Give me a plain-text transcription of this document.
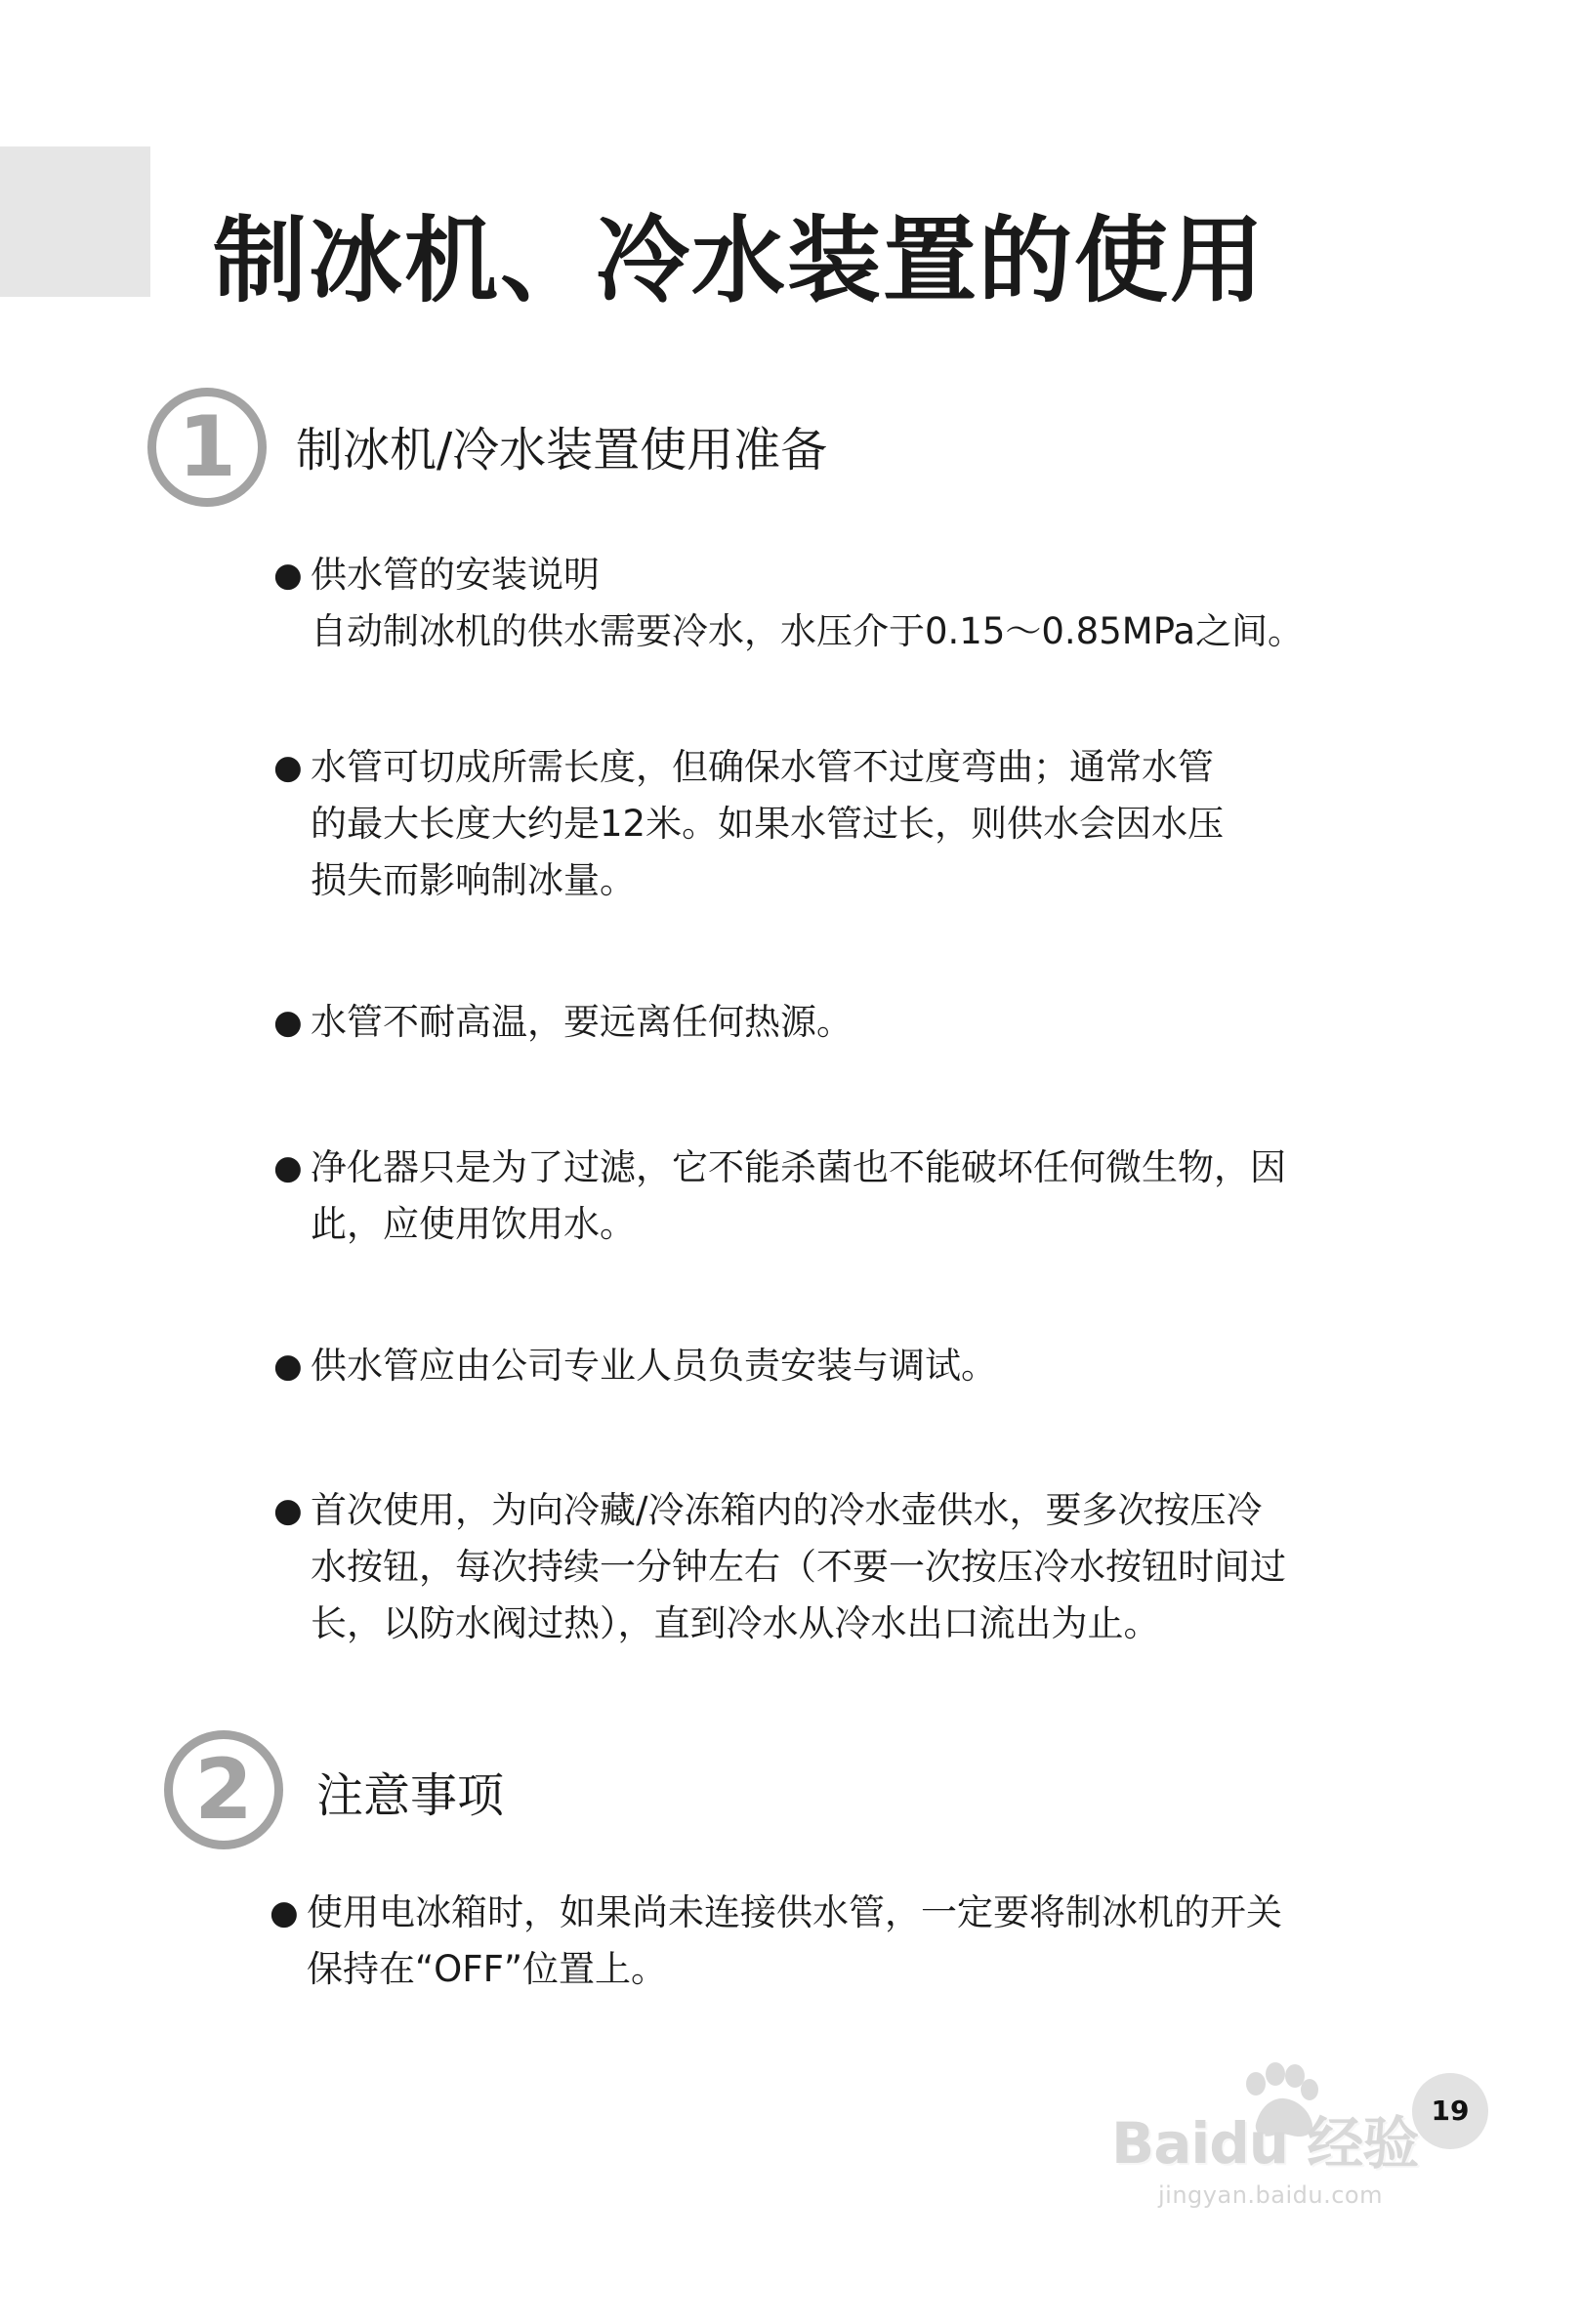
制冰机、冷水装置的使用
1	制冰机/冷水装置使用准备
● 供水管的安装说明
自动制冰机的供水需要冷水，水压介于0.15～0.85MPa之间。
● 水管可切成所需长度，但确保水管不过度弯曲；通常水管
的最大长度大约是12米。如果水管过长，则供水会因水压
损失而影响制冰量。
● 水管不耐高温，要远离任何热源。
● 净化器只是为了过滤，它不能杀菌也不能破坏任何微生物，因
此，应使用饮用水。
● 供水管应由公司专业人员负责安装与调试。
● 首次使用，为向冷藏/冷冻箱内的冷水壶供水，要多次按压冷
水按钮，每次持续一分钟左右（不要一次按压冷水按钮时间过
长，以防水阀过热），直到冷水从冷水出口流出为止。
2	注意事项
● 使用电冰箱时，如果尚未连接供水管，一定要将制冰机的开关
保持在“OFF”位置上。
19
Baidu 经验
jingyan.baidu.com
